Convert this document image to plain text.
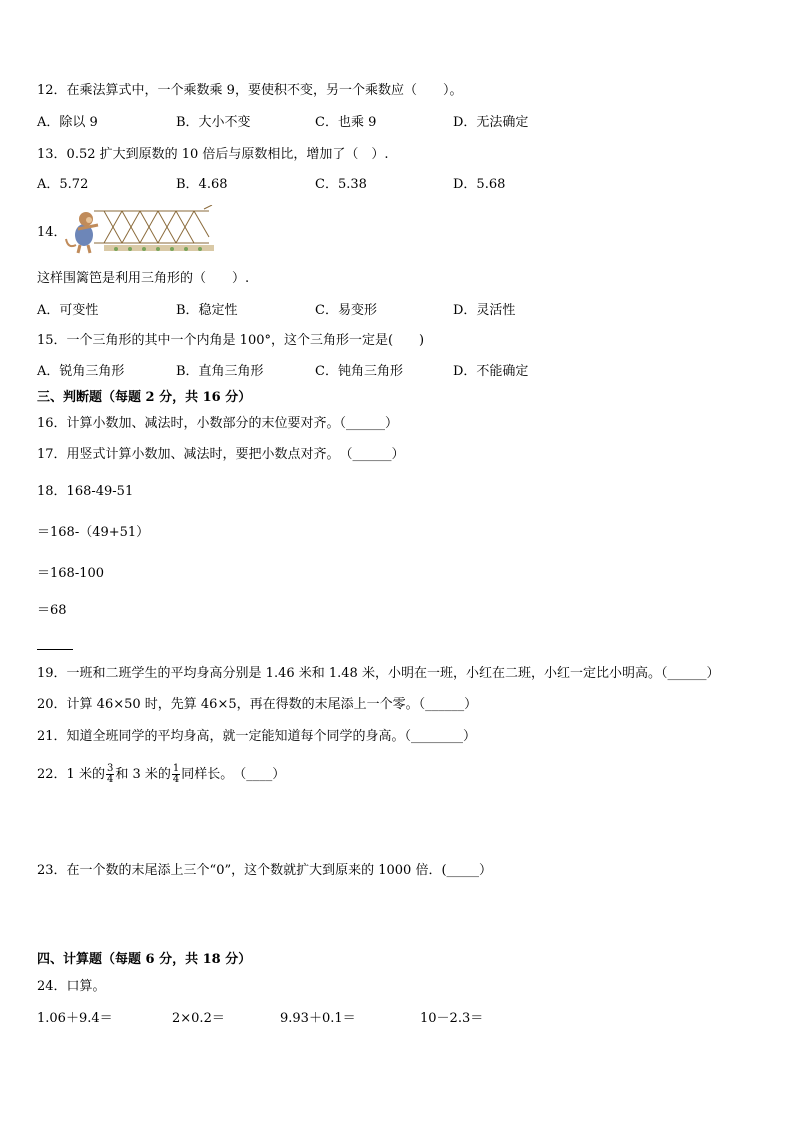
12．在乘法算式中，一个乘数乘 9，要使积不变，另一个乘数应（　　）。
A．除以 9	B．大小不变	C．也乘 9	D．无法确定
13．0.52 扩大到原数的 10 倍后与原数相比，增加了（　）.
A．5.72	B．4.68	C．5.38	D．5.68
14．
这样围篱笆是利用三角形的（　　）.
A．可变性	B．稳定性	C．易变形	D．灵活性
15．一个三角形的其中一个内角是 100°，这个三角形一定是(　　)
A．锐角三角形	B．直角三角形	C．钝角三角形	D．不能确定
三、判断题（每题 2 分，共 16 分）
16．计算小数加、减法时，小数部分的末位要对齐。（______）
17．用竖式计算小数加、减法时，要把小数点对齐。　（______）
18．168-49-51
＝168-（49+51）
＝168-100
＝68
19．一班和二班学生的平均身高分别是 1.46 米和 1.48 米，小明在一班，小红在二班，小红一定比小明高。（______）
20．计算 46×50 时，先算 46×5，再在得数的末尾添上一个零。（______）
21．知道全班同学的平均身高，就一定能知道每个同学的身高。（________）
22．1 米的 $\frac{3}{4}$ 和 3 米的 $\frac{1}{4}$ 同样长。　（____）
23．在一个数的末尾添上三个“0”，这个数就扩大到原来的 1000 倍．(_____）
四、计算题（每题 6 分，共 18 分）
24．口算。
1.06＋9.4＝	2×0.2＝	9.93＋0.1＝	10－2.3＝
